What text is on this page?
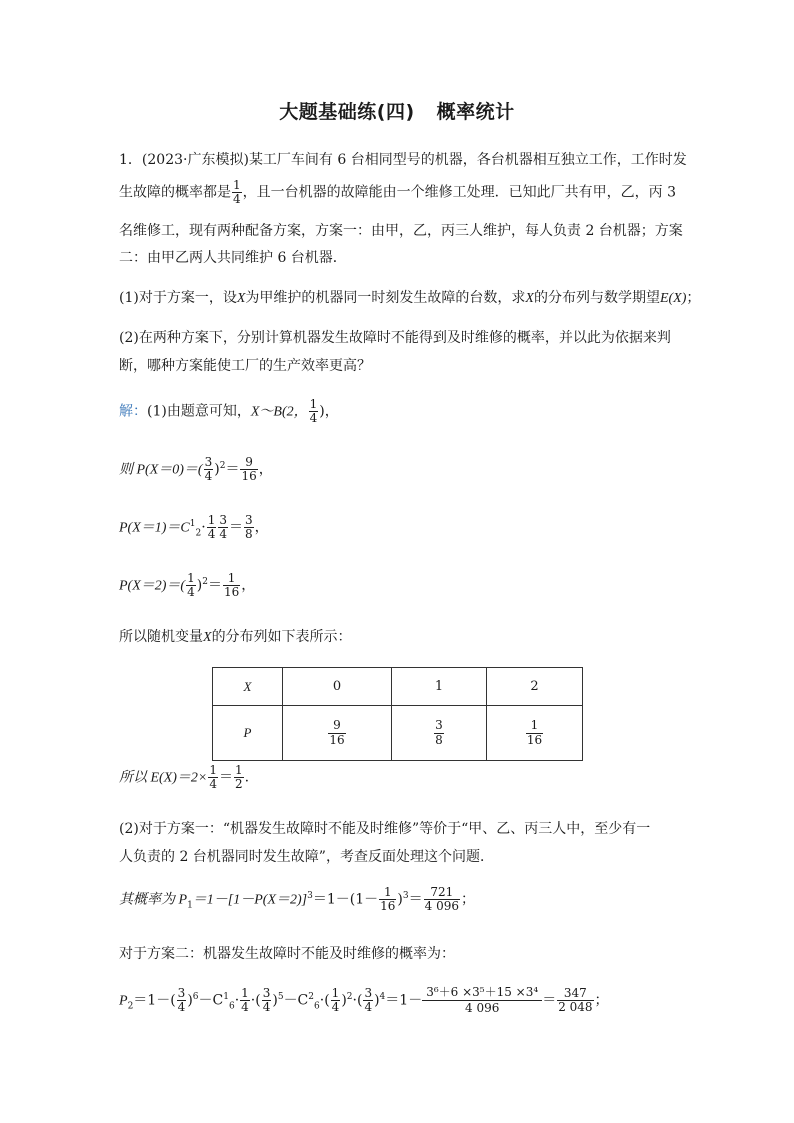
大题基础练(四) 概率统计
1．(2023·广东模拟)某工厂车间有 6 台相同型号的机器，各台机器相互独立工作，工作时发
生故障的概率都是 $\frac{1}{4}$ ，且一台机器的故障能由一个维修工处理．已知此厂共有甲，乙，丙 3
名维修工，现有两种配备方案，方案一：由甲，乙，丙三人维护，每人负责 2 台机器；方案
二：由甲乙两人共同维护 6 台机器．
(1)对于方案一，设X为甲维护的机器同一时刻发生故障的台数，求X的分布列与数学期望E(X)；
(2)在两种方案下，分别计算机器发生故障时不能得到及时维修的概率，并以此为依据来判
断，哪种方案能使工厂的生产效率更高？
解：(1)由题意可知，X～B(2， $\frac{1}{4}$ )，
则 $P(X=0)=( \frac{3}{4} )^2= \frac{9}{16}$ ，
$P(X=1)=C^1_2\cdot \frac{1}{4} \frac{3}{4} = \frac{3}{8}$ ，
$P(X=2)=( \frac{1}{4} )^2= \frac{1}{16}$ ，
所以随机变量X的分布列如下表所示：
X	0	1	2
P	$\frac{9}{16}$	$\frac{3}{8}$	$\frac{1}{16}$
所以 $E(X)=2\times \frac{1}{4} = \frac{1}{2}$ .
(2)对于方案一：“机器发生故障时不能及时维修”等价于“甲、乙、丙三人中，至少有一
人负责的 2 台机器同时发生故障”，考查反面处理这个问题．
其概率为 $P_1=1-[1-P(X=2)]^3=1-(1- \frac{1}{16} )^3= \frac{721}{4 096}$ ；
对于方案二：机器发生故障时不能及时维修的概率为：
$P_2=1-( \frac{3}{4} )^6-C^1_6\cdot \frac{1}{4}$ ·( $\frac{3}{4} )^5-C^2_6\cdot( \frac{1}{4} )^2\cdot( \frac{3}{4} )^4=1- \frac{\text{3⁶＋6 ×3⁵＋15 ×3⁴}}{4 096}= \frac{347}{2 048}$ ；
